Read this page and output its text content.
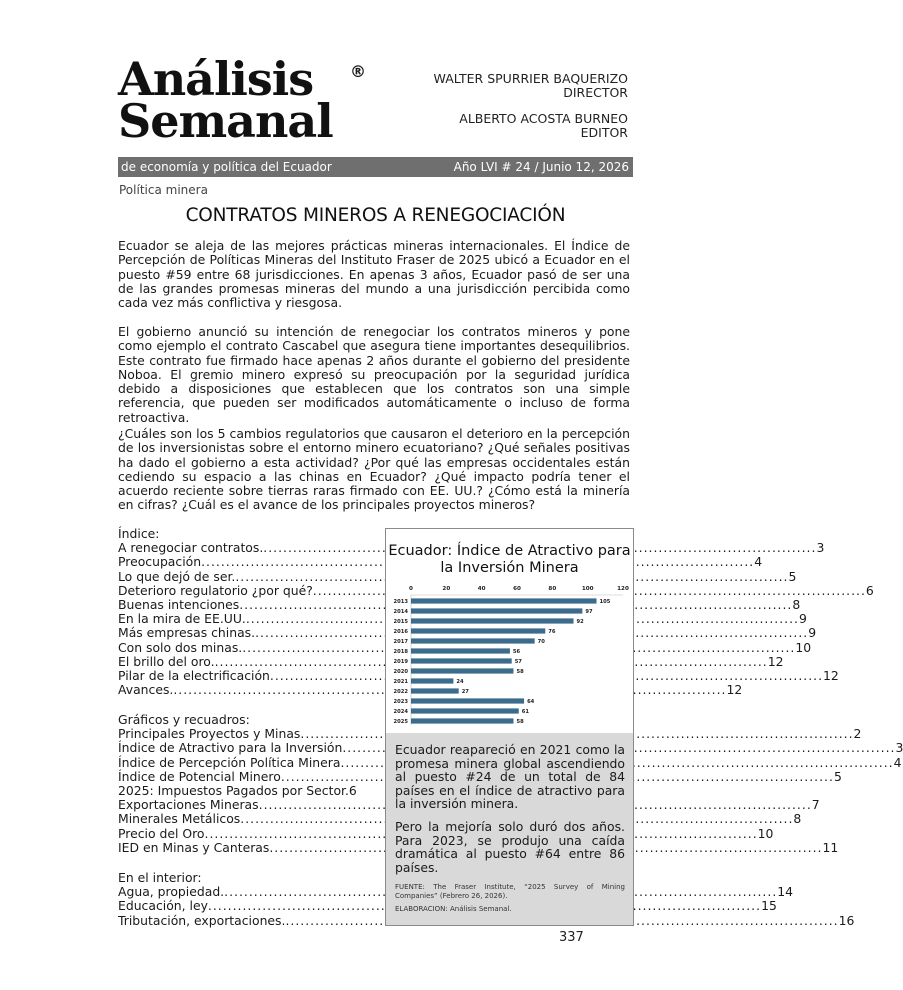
Análisis
Semanal
®	WALTER SPURRIER BAQUERIZO
DIRECTOR
ALBERTO ACOSTA BURNEO
EDITOR
de economía y política del Ecuador	Año LVI # 24 / Junio 12, 2026
Política minera
CONTRATOS MINEROS A RENEGOCIACIÓN

Ecuador se aleja de las mejores prácticas mineras internacionales. El Índice de Percepción de Políticas Mineras del Instituto Fraser de 2025 ubicó a Ecuador en el puesto #59 entre 68 jurisdicciones. En apenas 3 años, Ecuador pasó de ser una de las grandes promesas mineras del mundo a una jurisdicción percibida como cada vez más conflictiva y riesgosa.

El gobierno anunció su intención de renegociar los contratos mineros y pone como ejemplo el contrato Cascabel que asegura tiene importantes desequilibrios. Este contrato fue firmado hace apenas 2 años durante el gobierno del presidente Noboa. El gremio minero expresó su preocupación por la seguridad jurídica debido a disposiciones que establecen que los contratos son una simple referencia, que pueden ser modificados automáticamente o incluso de forma retroactiva.

¿Cuáles son los 5 cambios regulatorios que causaron el deterioro en la percepción de los inversionistas sobre el entorno minero ecuatoriano? ¿Qué señales positivas ha dado el gobierno a esta actividad? ¿Por qué las empresas occidentales están cediendo su espacio a las chinas en Ecuador? ¿Qué impacto podría tener el acuerdo reciente sobre tierras raras firmado con EE. UU.? ¿Cómo está la minería en cifras? ¿Cuál es el avance de los principales proyectos mineros?

Índice:
A renegociar contratos. .....	3
Preocupación .....	4
Lo que dejó de ser. .....	5
Deterioro regulatorio ¿por qué? .....	6
Buenas intenciones .....	8
En la mira de EE.UU. .....	9
Más empresas chinas. .....	9
Con solo dos minas. .....	10
El brillo del oro. .....	12
Pilar de la electrificación .....	12
Avances. .....	12
Gráficos y recuadros:
Principales Proyectos y Minas .....	2
Índice de Atractivo para la Inversión .....	3
Índice de Percepción Política Minera .....	4
Índice de Potencial Minero .....	5
2025: Impuestos Pagados por Sector. 6
Exportaciones Mineras .....	7
Minerales Metálicos .....	8
Precio del Oro .....	10
IED en Minas y Canteras .....	11
En el interior:
Agua, propiedad. .....	14
Educación, ley .....	15
Tributación, exportaciones. .....	16
Ecuador: Índice de Atractivo para la Inversión Minera
0	20	40	60	80	100	120
2013	105
2014	97
2015	92
2016	76
2017	70
2018	56
2019	57
2020	58
2021	24
2022	27
2023	64
2024	61
2025	58

Ecuador reapareció en 2021 como la promesa minera global ascendiendo al puesto #24 de un total de 84 países en el índice de atractivo para la inversión minera.

Pero la mejoría solo duró dos años. Para 2023, se produjo una caída dramática al puesto #64 entre 86 países.

FUENTE: The Fraser Institute, “2025 Survey of Mining Companies” (Febrero 26, 2026).

ELABORACION: Análisis Semanal.

337
